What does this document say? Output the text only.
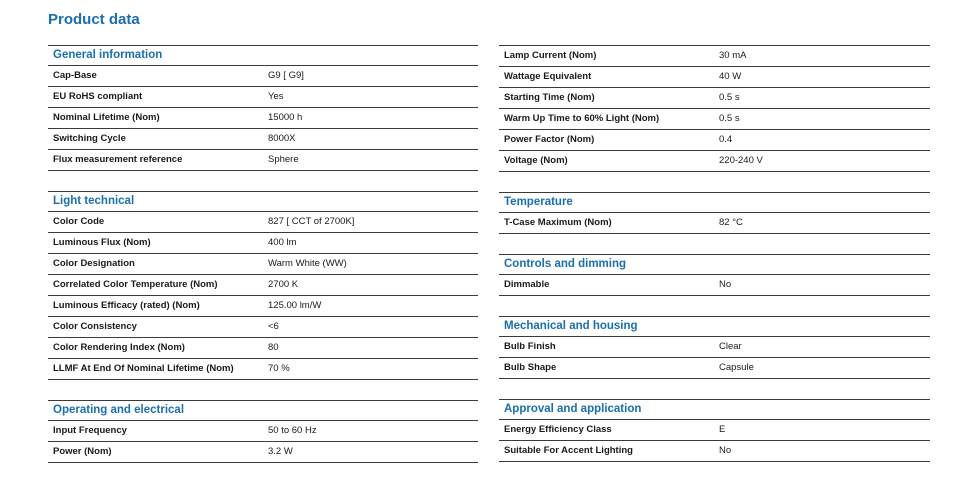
Product data
General information
Cap-Base	G9 [ G9]
EU RoHS compliant	Yes
Nominal Lifetime (Nom)	15000 h
Switching Cycle	8000X
Flux measurement reference	Sphere
Light technical
Color Code	827 [ CCT of 2700K]
Luminous Flux (Nom)	400 lm
Color Designation	Warm White (WW)
Correlated Color Temperature (Nom)	2700 K
Luminous Efficacy (rated) (Nom)	125.00 lm/W
Color Consistency	<6
Color Rendering Index (Nom)	80
LLMF At End Of Nominal Lifetime (Nom)	70 %
Operating and electrical
Input Frequency	50 to 60 Hz
Power (Nom)	3.2 W
Lamp Current (Nom)	30 mA
Wattage Equivalent	40 W
Starting Time (Nom)	0.5 s
Warm Up Time to 60% Light (Nom)	0.5 s
Power Factor (Nom)	0.4
Voltage (Nom)	220-240 V
Temperature
T-Case Maximum (Nom)	82 °C
Controls and dimming
Dimmable	No
Mechanical and housing
Bulb Finish	Clear
Bulb Shape	Capsule
Approval and application
Energy Efficiency Class	E
Suitable For Accent Lighting	No
